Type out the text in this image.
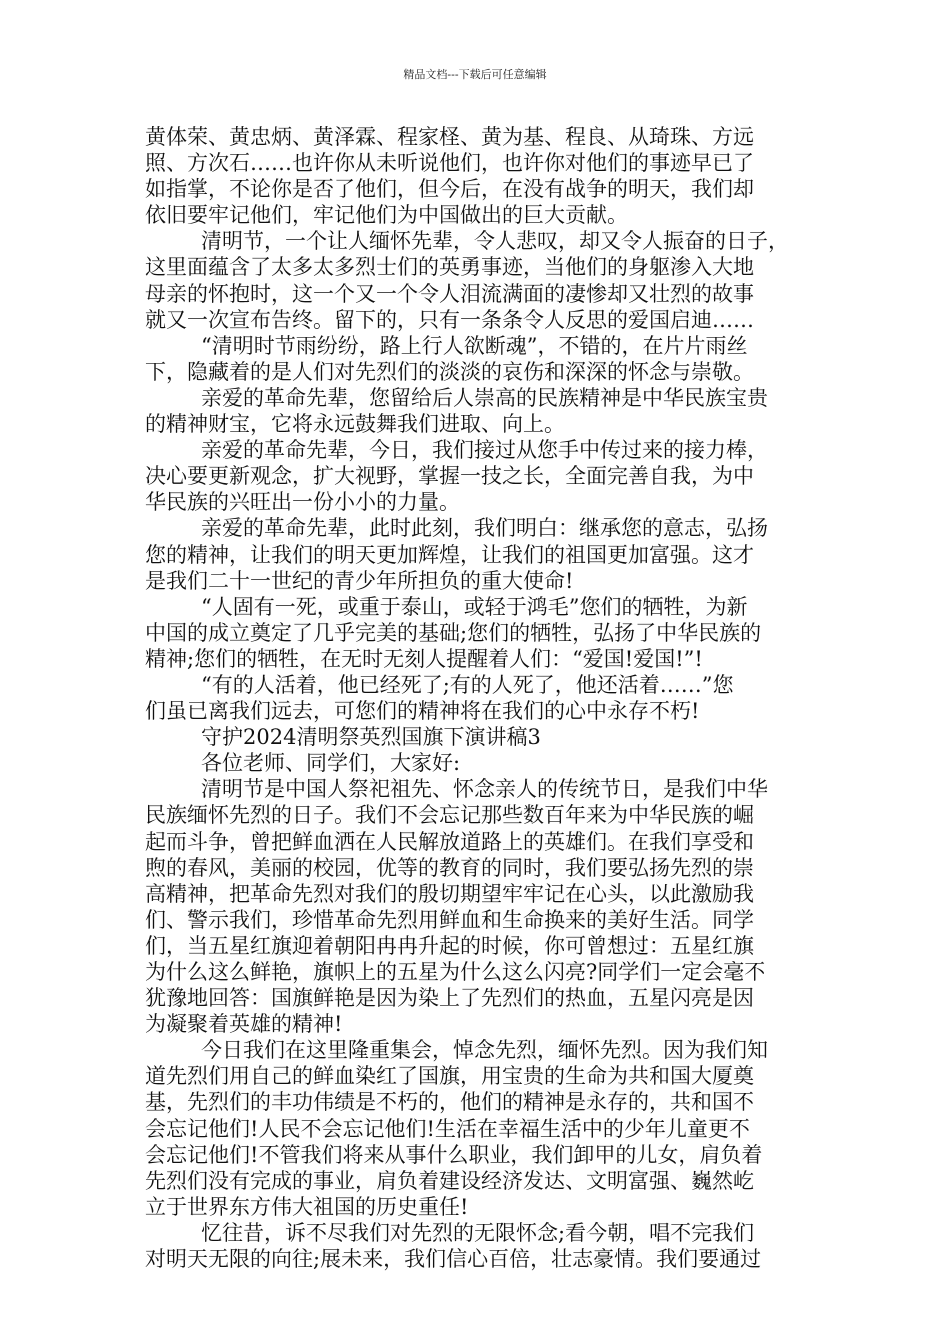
精品文档---下载后可任意编辑
黄体荣、黄忠炳、黄泽霖、程家柽、黄为基、程良、从琦珠、方远
照、方次石……也许你从未听说他们，也许你对他们的事迹早已了
如指掌，不论你是否了他们，但今后，在没有战争的明天，我们却
依旧要牢记他们，牢记他们为中国做出的巨大贡献。
清明节，一个让人缅怀先辈，令人悲叹，却又令人振奋的日子，
这里面蕴含了太多太多烈士们的英勇事迹，当他们的身躯渗入大地
母亲的怀抱时，这一个又一个令人泪流满面的凄惨却又壮烈的故事
就又一次宣布告终。留下的，只有一条条令人反思的爱国启迪……
“清明时节雨纷纷，路上行人欲断魂”，不错的，在片片雨丝
下，隐藏着的是人们对先烈们的淡淡的哀伤和深深的怀念与崇敬。
亲爱的革命先辈，您留给后人崇高的民族精神是中华民族宝贵
的精神财宝，它将永远鼓舞我们进取、向上。
亲爱的革命先辈，今日，我们接过从您手中传过来的接力棒，
决心要更新观念，扩大视野，掌握一技之长，全面完善自我，为中
华民族的兴旺出一份小小的力量。
亲爱的革命先辈，此时此刻，我们明白：继承您的意志，弘扬
您的精神，让我们的明天更加辉煌，让我们的祖国更加富强。这才
是我们二十一世纪的青少年所担负的重大使命!
“人固有一死，或重于泰山，或轻于鸿毛”您们的牺牲，为新
中国的成立奠定了几乎完美的基础;您们的牺牲，弘扬了中华民族的
精神;您们的牺牲，在无时无刻人提醒着人们：“爱国!爱国!”!
“有的人活着，他已经死了;有的人死了，他还活着……”您
们虽已离我们远去，可您们的精神将在我们的心中永存不朽!
守护2024清明祭英烈国旗下演讲稿3
各位老师、同学们，大家好:
清明节是中国人祭祀祖先、怀念亲人的传统节日，是我们中华
民族缅怀先烈的日子。我们不会忘记那些数百年来为中华民族的崛
起而斗争，曾把鲜血洒在人民解放道路上的英雄们。在我们享受和
煦的春风，美丽的校园，优等的教育的同时，我们要弘扬先烈的崇
高精神，把革命先烈对我们的殷切期望牢牢记在心头，以此激励我
们、警示我们，珍惜革命先烈用鲜血和生命换来的美好生活。同学
们，当五星红旗迎着朝阳冉冉升起的时候，你可曾想过：五星红旗
为什么这么鲜艳，旗帜上的五星为什么这么闪亮?同学们一定会毫不
犹豫地回答：国旗鲜艳是因为染上了先烈们的热血，五星闪亮是因
为凝聚着英雄的精神!
今日我们在这里隆重集会，悼念先烈，缅怀先烈。因为我们知
道先烈们用自己的鲜血染红了国旗，用宝贵的生命为共和国大厦奠
基，先烈们的丰功伟绩是不朽的，他们的精神是永存的，共和国不
会忘记他们!人民不会忘记他们!生活在幸福生活中的少年儿童更不
会忘记他们!不管我们将来从事什么职业，我们卸甲的儿女，肩负着
先烈们没有完成的事业，肩负着建设经济发达、文明富强、巍然屹
立于世界东方伟大祖国的历史重任!
忆往昔，诉不尽我们对先烈的无限怀念;看今朝，唱不完我们
对明天无限的向往;展未来，我们信心百倍，壮志豪情。我们要通过
